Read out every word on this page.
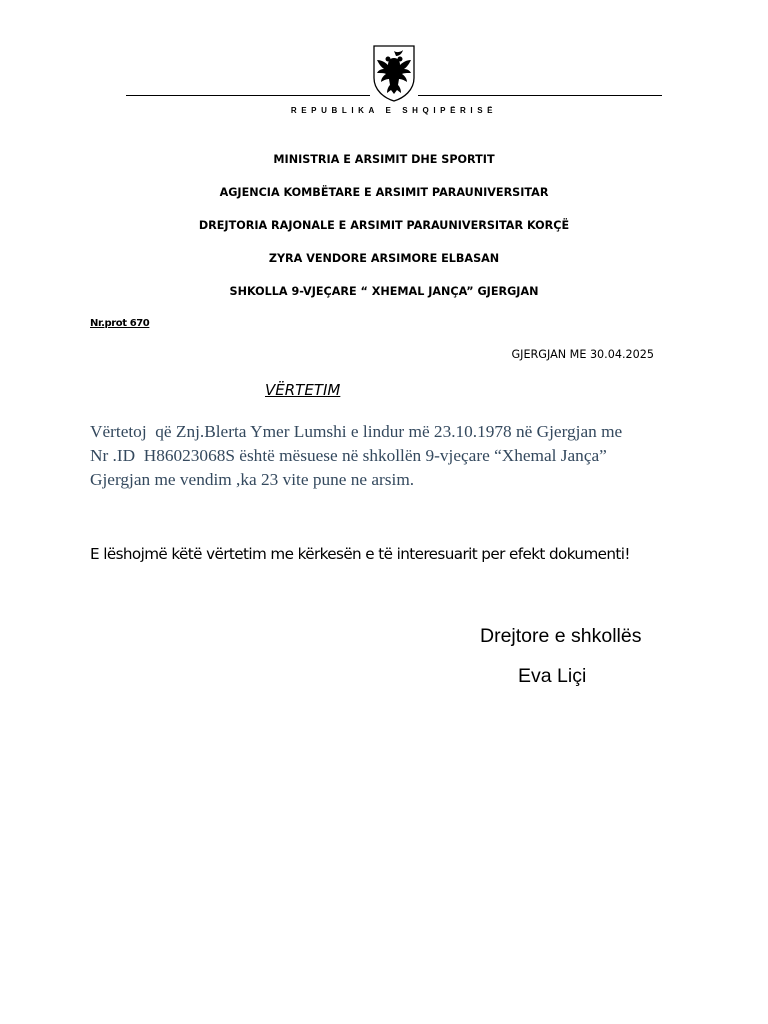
REPUBLIKA E SHQIPËRISË
MINISTRIA E ARSIMIT DHE SPORTIT
AGJENCIA KOMBËTARE E ARSIMIT PARAUNIVERSITAR
DREJTORIA RAJONALE E ARSIMIT PARAUNIVERSITAR KORÇË
ZYRA VENDORE ARSIMORE ELBASAN
SHKOLLA 9-VJEÇARE “ XHEMAL JANÇA” GJERGJAN
Nr.prot 670
GJERGJAN ME 30.04.2025
VËRTETIM
Vërtetoj  që Znj.Blerta Ymer Lumshi e lindur më 23.10.1978 në Gjergjan me
Nr .ID  H86023068S është mësuese në shkollën 9-vjeçare “Xhemal Jança”
Gjergjan me vendim ,ka 23 vite pune ne arsim.
E lëshojmë këtë vërtetim me kërkesën e të interesuarit per efekt dokumenti!
Drejtore e shkollës
Eva Liçi
